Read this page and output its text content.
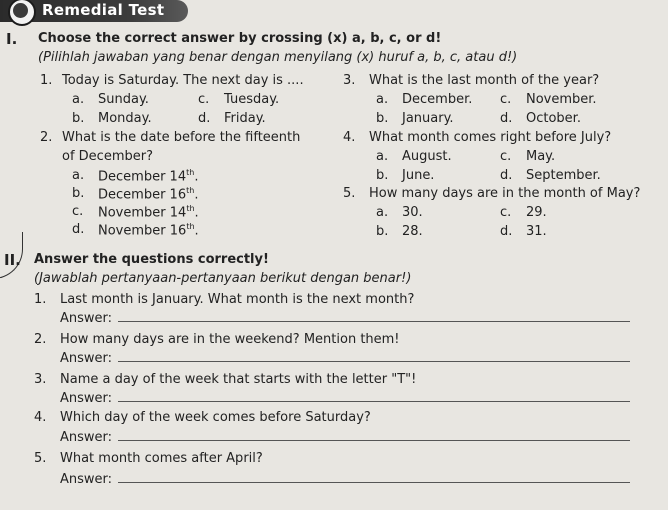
Remedial Test
I. Choose the correct answer by crossing (x) a, b, c, or d!
(Pilihlah jawaban yang benar dengan menyilang (x) huruf a, b, c, atau d!)
1. Today is Saturday. The next day is ....
a. Sunday.
b. Monday.
c. Tuesday.
d. Friday.
2. What is the date before the fifteenth
of December?
a. December 14th.
b. December 16th.
c. November 14th.
d. November 16th.
3. What is the last month of the year?
a. December.
b. January.
c. November.
d. October.
4. What month comes right before July?
a. August.
b. June.
c. May.
d. September.
5. How many days are in the month of May?
a. 30.
b. 28.
c. 29.
d. 31.
II. Answer the questions correctly!
(Jawablah pertanyaan-pertanyaan berikut dengan benar!)
1. Last month is January. What month is the next month?
Answer:
2. How many days are in the weekend? Mention them!
Answer:
3. Name a day of the week that starts with the letter "T"!
Answer:
4. Which day of the week comes before Saturday?
Answer:
5. What month comes after April?
Answer:
